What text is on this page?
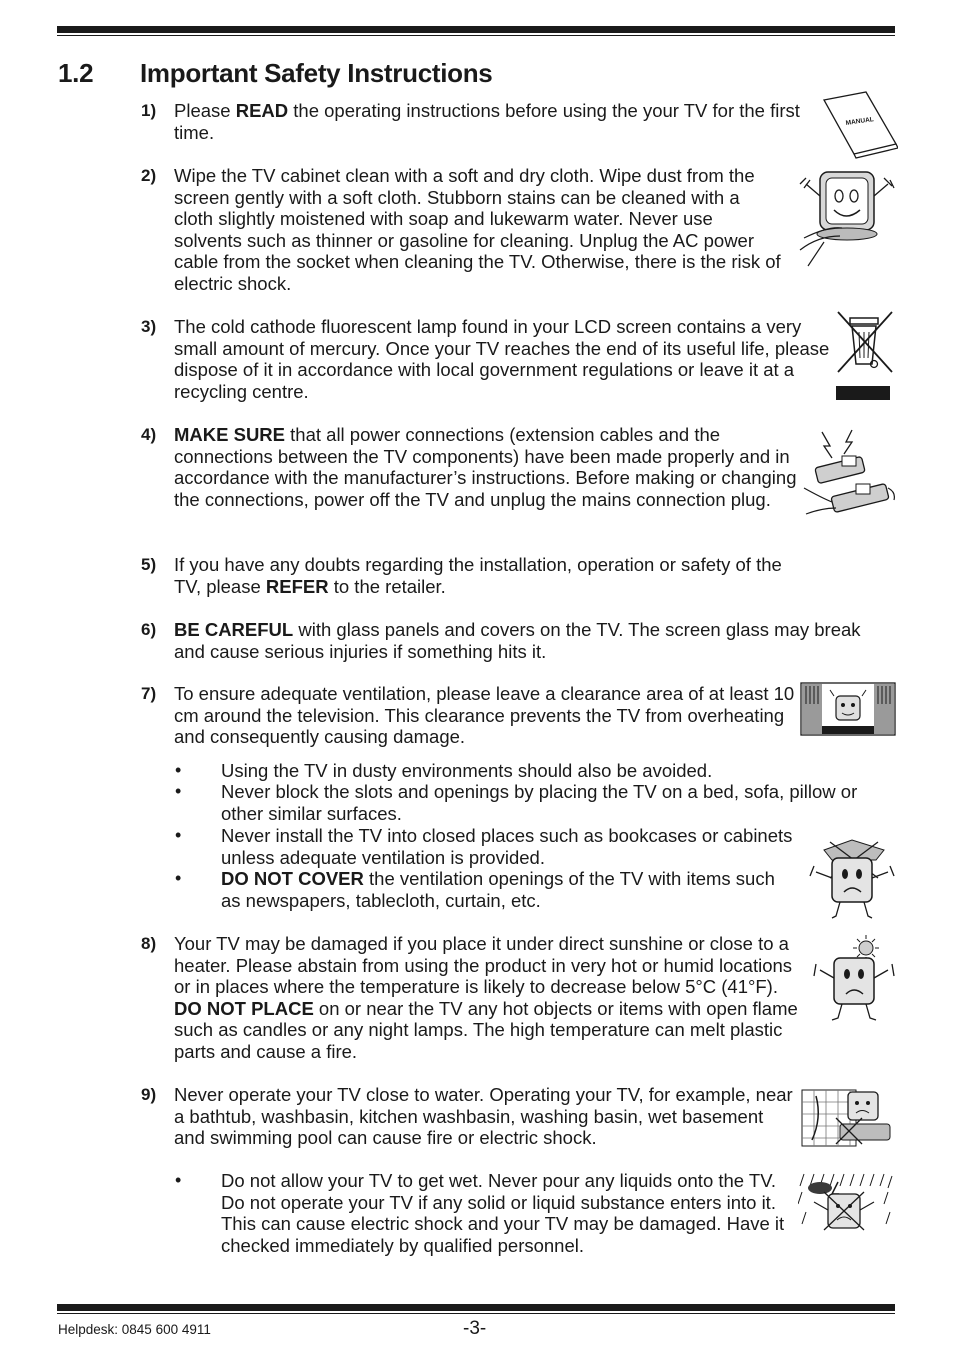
1.2 Important Safety Instructions
1) Please READ the operating instructions before using the your TV for the first time.
2) Wipe the TV cabinet clean with a soft and dry cloth. Wipe dust from the screen gently with a soft cloth. Stubborn stains can be cleaned with a cloth slightly moistened with soap and lukewarm water. Never use solvents such as thinner or gasoline for cleaning. Unplug the AC power cable from the socket when cleaning the TV. Otherwise, there is the risk of electric shock.
3) The cold cathode fluorescent lamp found in your LCD screen contains a very small amount of mercury. Once your TV reaches the end of its useful life, please dispose of it in accordance with local government regulations or leave it at a recycling centre.
4) MAKE SURE that all power connections (extension cables and the connections between the TV components) have been made properly and in accordance with the manufacturer’s instructions. Before making or changing the connections, power off the TV and unplug the mains connection plug.
5) If you have any doubts regarding the installation, operation or safety of the TV, please REFER to the retailer.
6) BE CAREFUL with glass panels and covers on the TV. The screen glass may break and cause serious injuries if something hits it.
7) To ensure adequate ventilation, please leave a clearance area of at least 10 cm around the television. This clearance prevents the TV from overheating and consequently causing damage.
• Using the TV in dusty environments should also be avoided.
• Never block the slots and openings by placing the TV on a bed, sofa, pillow or other similar surfaces.
• Never install the TV into closed places such as bookcases or cabinets unless adequate ventilation is provided.
• DO NOT COVER the ventilation openings of the TV with items such as newspapers, tablecloth, curtain, etc.
8) Your TV may be damaged if you place it under direct sunshine or close to a heater. Please abstain from using the product in very hot or humid locations or in places where the temperature is likely to decrease below 5°C (41°F). DO NOT PLACE on or near the TV any hot objects or items with open flame such as candles or any night lamps. The high temperature can melt plastic parts and cause a fire.
9) Never operate your TV close to water. Operating your TV, for example, near a bathtub, washbasin, kitchen washbasin, washing basin, wet basement and swimming pool can cause fire or electric shock.
• Do not allow your TV to get wet. Never pour any liquids onto the TV. Do not operate your TV if any solid or liquid substance enters into it. This can cause electric shock and your TV may be damaged. Have it checked immediately by qualified personnel.
MANUAL
Helpdesk: 0845 600 4911	-3-
